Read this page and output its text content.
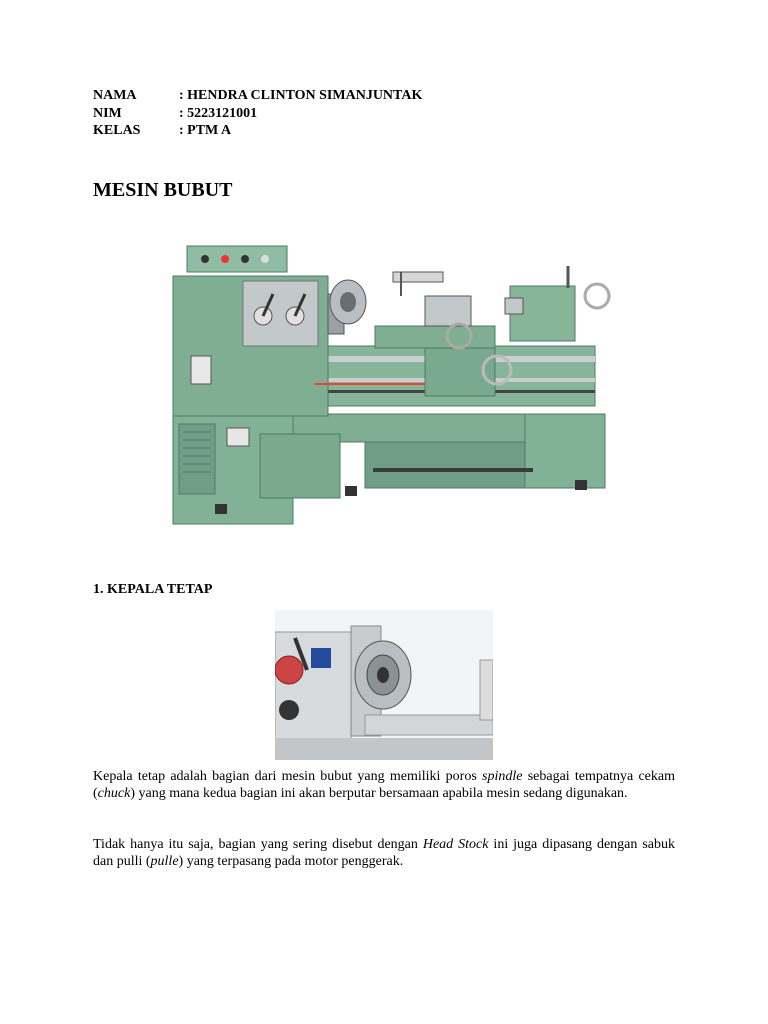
NAMA	: HENDRA CLINTON SIMANJUNTAK
NIM	: 5223121001
KELAS	: PTM A
MESIN BUBUT
1. KEPALA TETAP

Kepala tetap adalah bagian dari mesin bubut yang memiliki poros spindle sebagai tempatnya cekam (chuck) yang mana kedua bagian ini akan berputar bersamaan apabila mesin sedang digunakan.

Tidak hanya itu saja, bagian yang sering disebut dengan Head Stock ini juga dipasang dengan sabuk dan pulli (pulle) yang terpasang pada motor penggerak.
